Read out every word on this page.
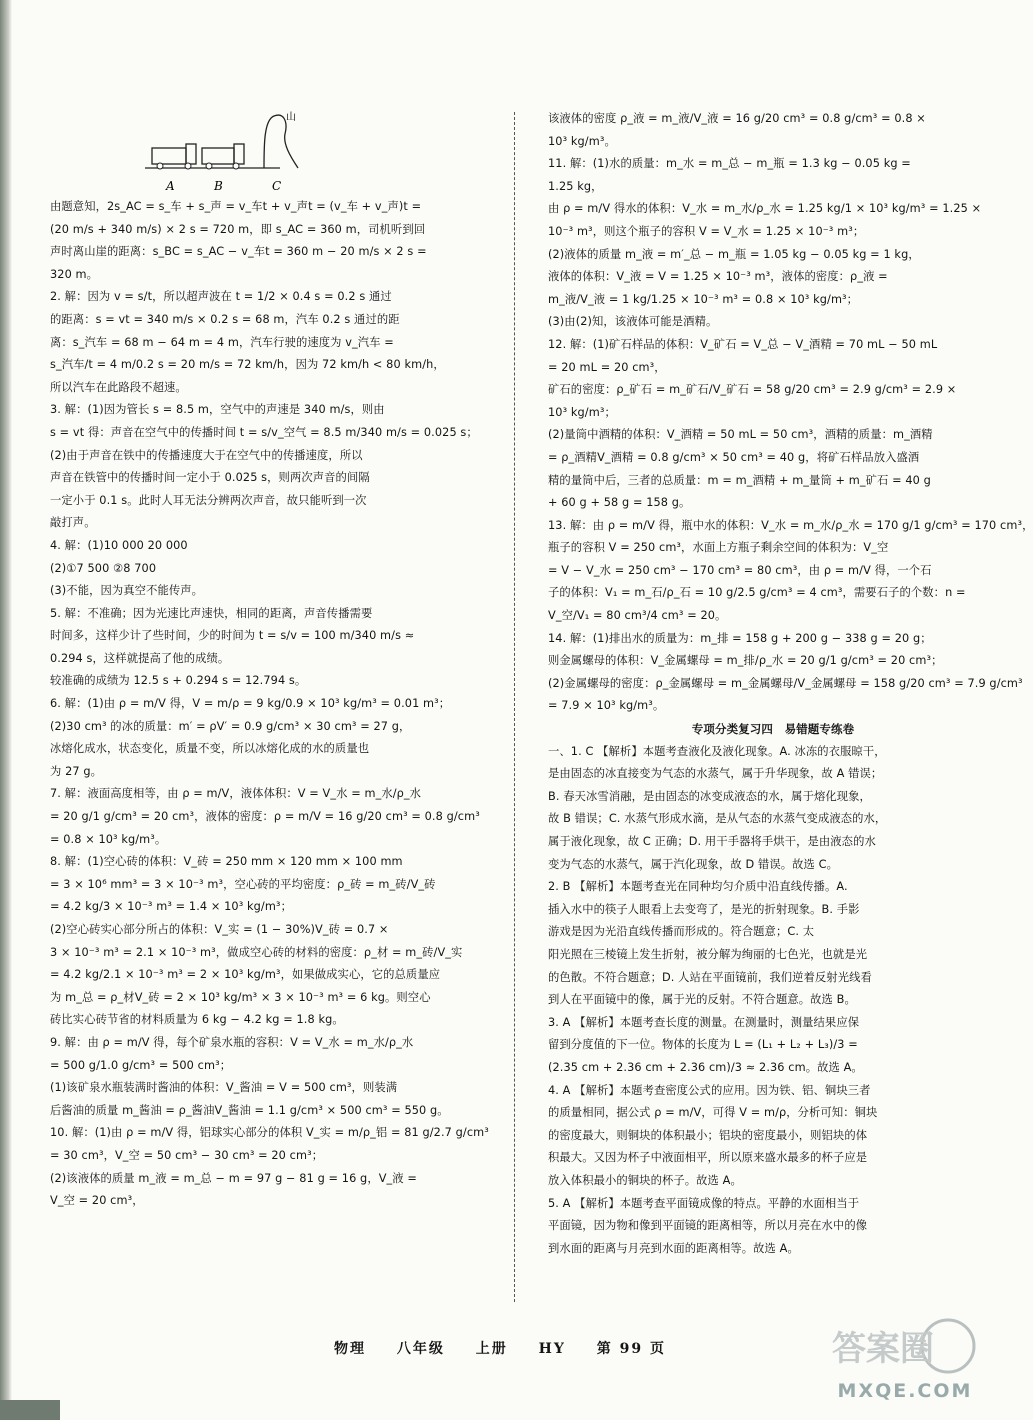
A	B	C
山
由题意知，2s_AC = s_车 + s_声 = v_车t + v_声t = (v_车 + v_声)t =
(20 m/s + 340 m/s) × 2 s = 720 m，即 s_AC = 360 m，司机听到回
声时离山崖的距离：s_BC = s_AC − v_车t = 360 m − 20 m/s × 2 s =
320 m。
2. 解：因为 v = s/t，所以超声波在 t = 1/2 × 0.4 s = 0.2 s 通过
的距离：s = vt = 340 m/s × 0.2 s = 68 m，汽车 0.2 s 通过的距
离：s_汽车 = 68 m − 64 m = 4 m，汽车行驶的速度为 v_汽车 =
s_汽车/t = 4 m/0.2 s = 20 m/s = 72 km/h，因为 72 km/h < 80 km/h，
所以汽车在此路段不超速。
3. 解：(1)因为管长 s = 8.5 m，空气中的声速是 340 m/s，则由
s = vt 得：声音在空气中的传播时间 t = s/v_空气 = 8.5 m/340 m/s = 0.025 s；
(2)由于声音在铁中的传播速度大于在空气中的传播速度，所以
声音在铁管中的传播时间一定小于 0.025 s，则两次声音的间隔
一定小于 0.1 s。此时人耳无法分辨两次声音，故只能听到一次
敲打声。
4. 解：(1)10 000 20 000
(2)①7 500 ②8 700
(3)不能，因为真空不能传声。
5. 解：不准确；因为光速比声速快，相同的距离，声音传播需要
时间多，这样少计了些时间，少的时间为 t = s/v = 100 m/340 m/s ≈
0.294 s，这样就提高了他的成绩。
较准确的成绩为 12.5 s + 0.294 s = 12.794 s。
6. 解：(1)由 ρ = m/V 得，V = m/ρ = 9 kg/0.9 × 10³ kg/m³ = 0.01 m³；
(2)30 cm³ 的冰的质量：m′ = ρV′ = 0.9 g/cm³ × 30 cm³ = 27 g，
冰熔化成水，状态变化，质量不变，所以冰熔化成的水的质量也
为 27 g。
7. 解：液面高度相等，由 ρ = m/V，液体体积：V = V_水 = m_水/ρ_水
= 20 g/1 g/cm³ = 20 cm³，液体的密度：ρ = m/V = 16 g/20 cm³ = 0.8 g/cm³
= 0.8 × 10³ kg/m³。
8. 解：(1)空心砖的体积：V_砖 = 250 mm × 120 mm × 100 mm
= 3 × 10⁶ mm³ = 3 × 10⁻³ m³，空心砖的平均密度：ρ_砖 = m_砖/V_砖
= 4.2 kg/3 × 10⁻³ m³ = 1.4 × 10³ kg/m³；
(2)空心砖实心部分所占的体积：V_实 = (1 − 30%)V_砖 = 0.7 ×
3 × 10⁻³ m³ = 2.1 × 10⁻³ m³，做成空心砖的材料的密度：ρ_材 = m_砖/V_实
= 4.2 kg/2.1 × 10⁻³ m³ = 2 × 10³ kg/m³，如果做成实心，它的总质量应
为 m_总 = ρ_材V_砖 = 2 × 10³ kg/m³ × 3 × 10⁻³ m³ = 6 kg。则空心
砖比实心砖节省的材料质量为 6 kg − 4.2 kg = 1.8 kg。
9. 解：由 ρ = m/V 得，每个矿泉水瓶的容积：V = V_水 = m_水/ρ_水
= 500 g/1.0 g/cm³ = 500 cm³；
(1)该矿泉水瓶装满时酱油的体积：V_酱油 = V = 500 cm³，则装满
后酱油的质量 m_酱油 = ρ_酱油V_酱油 = 1.1 g/cm³ × 500 cm³ = 550 g。
10. 解：(1)由 ρ = m/V 得，铝球实心部分的体积 V_实 = m/ρ_铝 = 81 g/2.7 g/cm³
= 30 cm³，V_空 = 50 cm³ − 30 cm³ = 20 cm³；
(2)该液体的质量 m_液 = m_总 − m = 97 g − 81 g = 16 g，V_液 =
V_空 = 20 cm³，
该液体的密度 ρ_液 = m_液/V_液 = 16 g/20 cm³ = 0.8 g/cm³ = 0.8 ×
10³ kg/m³。
11. 解：(1)水的质量：m_水 = m_总 − m_瓶 = 1.3 kg − 0.05 kg =
1.25 kg，
由 ρ = m/V 得水的体积：V_水 = m_水/ρ_水 = 1.25 kg/1 × 10³ kg/m³ = 1.25 ×
10⁻³ m³，则这个瓶子的容积 V = V_水 = 1.25 × 10⁻³ m³；
(2)液体的质量 m_液 = m′_总 − m_瓶 = 1.05 kg − 0.05 kg = 1 kg，
液体的体积：V_液 = V = 1.25 × 10⁻³ m³，液体的密度：ρ_液 =
m_液/V_液 = 1 kg/1.25 × 10⁻³ m³ = 0.8 × 10³ kg/m³；
(3)由(2)知，该液体可能是酒精。
12. 解：(1)矿石样品的体积：V_矿石 = V_总 − V_酒精 = 70 mL − 50 mL
= 20 mL = 20 cm³，
矿石的密度：ρ_矿石 = m_矿石/V_矿石 = 58 g/20 cm³ = 2.9 g/cm³ = 2.9 ×
10³ kg/m³；
(2)量筒中酒精的体积：V_酒精 = 50 mL = 50 cm³，酒精的质量：m_酒精
= ρ_酒精V_酒精 = 0.8 g/cm³ × 50 cm³ = 40 g，将矿石样品放入盛酒
精的量筒中后，三者的总质量：m = m_酒精 + m_量筒 + m_矿石 = 40 g
+ 60 g + 58 g = 158 g。
13. 解：由 ρ = m/V 得，瓶中水的体积：V_水 = m_水/ρ_水 = 170 g/1 g/cm³ = 170 cm³，
瓶子的容积 V = 250 cm³，水面上方瓶子剩余空间的体积为：V_空
= V − V_水 = 250 cm³ − 170 cm³ = 80 cm³，由 ρ = m/V 得，一个石
子的体积：V₁ = m_石/ρ_石 = 10 g/2.5 g/cm³ = 4 cm³，需要石子的个数：n =
V_空/V₁ = 80 cm³/4 cm³ = 20。
14. 解：(1)排出水的质量为：m_排 = 158 g + 200 g − 338 g = 20 g；
则金属螺母的体积：V_金属螺母 = m_排/ρ_水 = 20 g/1 g/cm³ = 20 cm³；
(2)金属螺母的密度：ρ_金属螺母 = m_金属螺母/V_金属螺母 = 158 g/20 cm³ = 7.9 g/cm³
= 7.9 × 10³ kg/m³。
专项分类复习四　易错题专练卷
一、1. C 【解析】本题考查液化及液化现象。A. 冰冻的衣服晾干，
是由固态的冰直接变为气态的水蒸气，属于升华现象，故 A 错误；
B. 春天冰雪消融，是由固态的冰变成液态的水，属于熔化现象，
故 B 错误；C. 水蒸气形成水滴，是从气态的水蒸气变成液态的水，
属于液化现象，故 C 正确；D. 用干手器将手烘干，是由液态的水
变为气态的水蒸气，属于汽化现象，故 D 错误。故选 C。
2. B 【解析】本题考查光在同种均匀介质中沿直线传播。A.
插入水中的筷子人眼看上去变弯了，是光的折射现象。B. 手影
游戏是因为光沿直线传播而形成的。符合题意；C. 太
阳光照在三棱镜上发生折射，被分解为绚丽的七色光，也就是光
的色散。不符合题意；D. 人站在平面镜前，我们逆着反射光线看
到人在平面镜中的像，属于光的反射。不符合题意。故选 B。
3. A 【解析】本题考查长度的测量。在测量时，测量结果应保
留到分度值的下一位。物体的长度为 L = (L₁ + L₂ + L₃)/3 =
(2.35 cm + 2.36 cm + 2.36 cm)/3 ≈ 2.36 cm。故选 A。
4. A 【解析】本题考查密度公式的应用。因为铁、铝、铜块三者
的质量相同，据公式 ρ = m/V，可得 V = m/ρ，分析可知：铜块
的密度最大，则铜块的体积最小；铝块的密度最小，则铝块的体
积最大。又因为杯子中液面相平，所以原来盛水最多的杯子应是
放入体积最小的铜块的杯子。故选 A。
5. A 【解析】本题考查平面镜成像的特点。平静的水面相当于
平面镜，因为物和像到平面镜的距离相等，所以月亮在水中的像
到水面的距离与月亮到水面的距离相等。故选 A。
物理 八年级 上册 HY 第 99 页	答案圈
MXQE.COM
